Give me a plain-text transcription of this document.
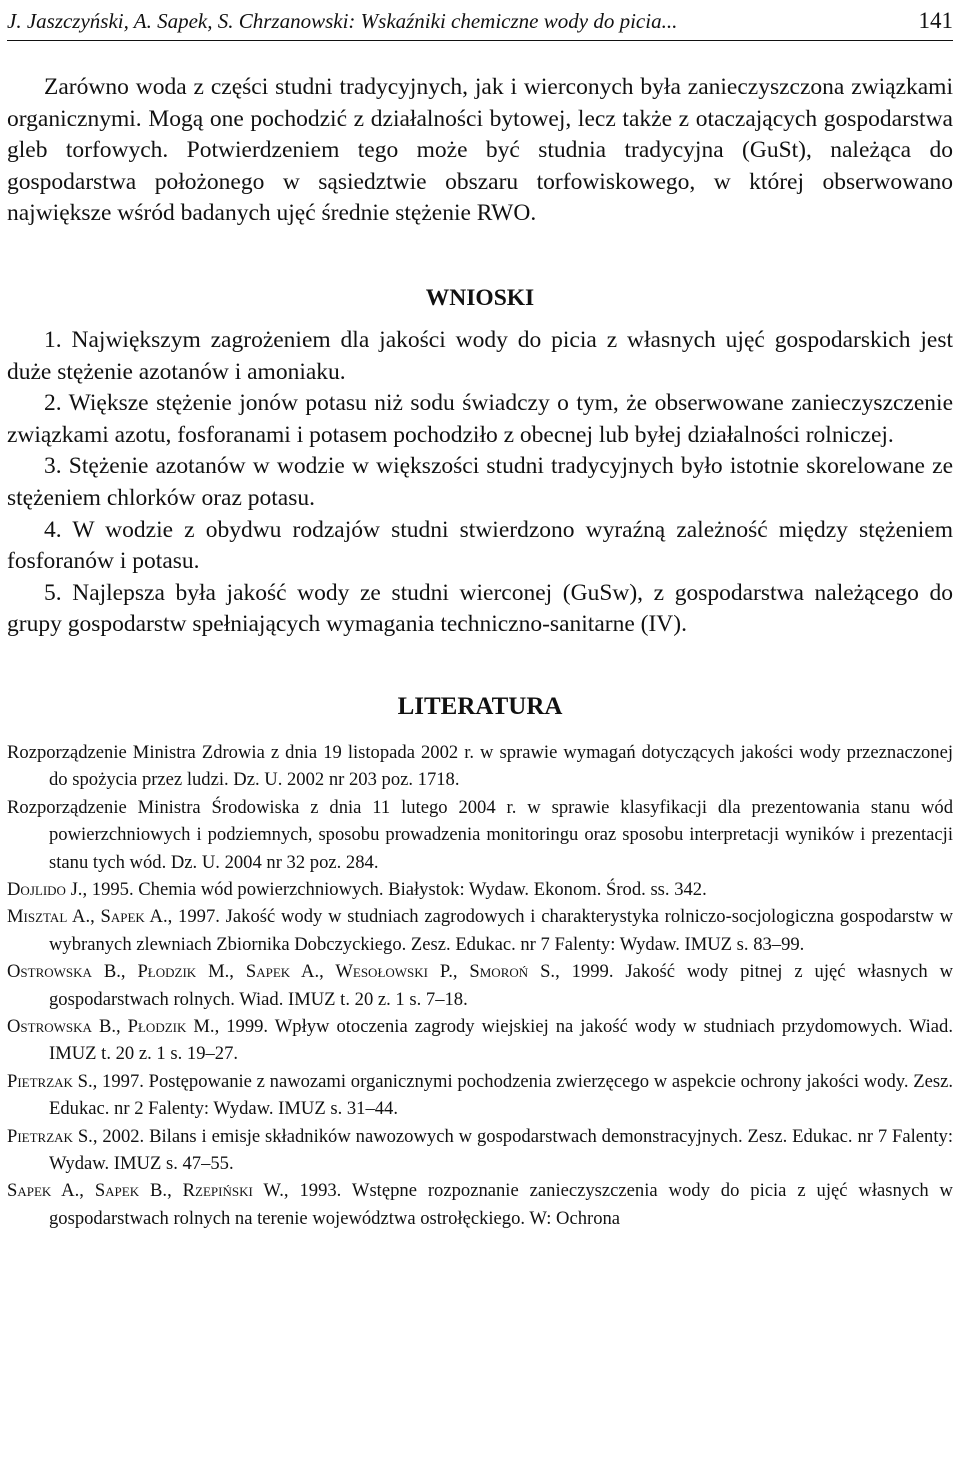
J. Jaszczyński, A. Sapek, S. Chrzanowski: Wskaźniki chemiczne wody do picia...	141

Zarówno woda z części studni tradycyjnych, jak i wierconych była zanieczyszczona związkami organicznymi. Mogą one pochodzić z działalności bytowej, lecz także z otaczających gospodarstwa gleb torfowych. Potwierdzeniem tego może być studnia tradycyjna (GuSt), należąca do gospodarstwa położonego w sąsiedztwie obszaru torfowiskowego, w której obserwowano największe wśród badanych ujęć średnie stężenie RWO.

WNIOSKI

1. Największym zagrożeniem dla jakości wody do picia z własnych ujęć gospodarskich jest duże stężenie azotanów i amoniaku.

2. Większe stężenie jonów potasu niż sodu świadczy o tym, że obserwowane zanieczyszczenie związkami azotu, fosforanami i potasem pochodziło z obecnej lub byłej działalności rolniczej.

3. Stężenie azotanów w wodzie w większości studni tradycyjnych było istotnie skorelowane ze stężeniem chlorków oraz potasu.

4. W wodzie z obydwu rodzajów studni stwierdzono wyraźną zależność między stężeniem fosforanów i potasu.

5. Najlepsza była jakość wody ze studni wierconej (GuSw), z gospodarstwa należącego do grupy gospodarstw spełniających wymagania techniczno-sanitarne (IV).

LITERATURA

Rozporządzenie Ministra Zdrowia z dnia 19 listopada 2002 r. w sprawie wymagań dotyczących jakości wody przeznaczonej do spożycia przez ludzi. Dz. U. 2002 nr 203 poz. 1718.

Rozporządzenie Ministra Środowiska z dnia 11 lutego 2004 r. w sprawie klasyfikacji dla prezentowania stanu wód powierzchniowych i podziemnych, sposobu prowadzenia monitoringu oraz sposobu interpretacji wyników i prezentacji stanu tych wód. Dz. U. 2004 nr 32 poz. 284.

Dojlido J., 1995. Chemia wód powierzchniowych. Białystok: Wydaw. Ekonom. Środ. ss. 342.

Misztal A., Sapek A., 1997. Jakość wody w studniach zagrodowych i charakterystyka rolniczo-socjologiczna gospodarstw w wybranych zlewniach Zbiornika Dobczyckiego. Zesz. Edukac. nr 7 Falenty: Wydaw. IMUZ s. 83–99.

Ostrowska B., Płodzik M., Sapek A., Wesołowski P., Smoroń S., 1999. Jakość wody pitnej z ujęć własnych w gospodarstwach rolnych. Wiad. IMUZ t. 20 z. 1 s. 7–18.

Ostrowska B., Płodzik M., 1999. Wpływ otoczenia zagrody wiejskiej na jakość wody w studniach przydomowych. Wiad. IMUZ t. 20 z. 1 s. 19–27.

Pietrzak S., 1997. Postępowanie z nawozami organicznymi pochodzenia zwierzęcego w aspekcie ochrony jakości wody. Zesz. Edukac. nr 2 Falenty: Wydaw. IMUZ s. 31–44.

Pietrzak S., 2002. Bilans i emisje składników nawozowych w gospodarstwach demonstracyjnych. Zesz. Edukac. nr 7 Falenty: Wydaw. IMUZ s. 47–55.

Sapek A., Sapek B., Rzepiński W., 1993. Wstępne rozpoznanie zanieczyszczenia wody do picia z ujęć własnych w gospodarstwach rolnych na terenie województwa ostrołęckiego. W: Ochrona
